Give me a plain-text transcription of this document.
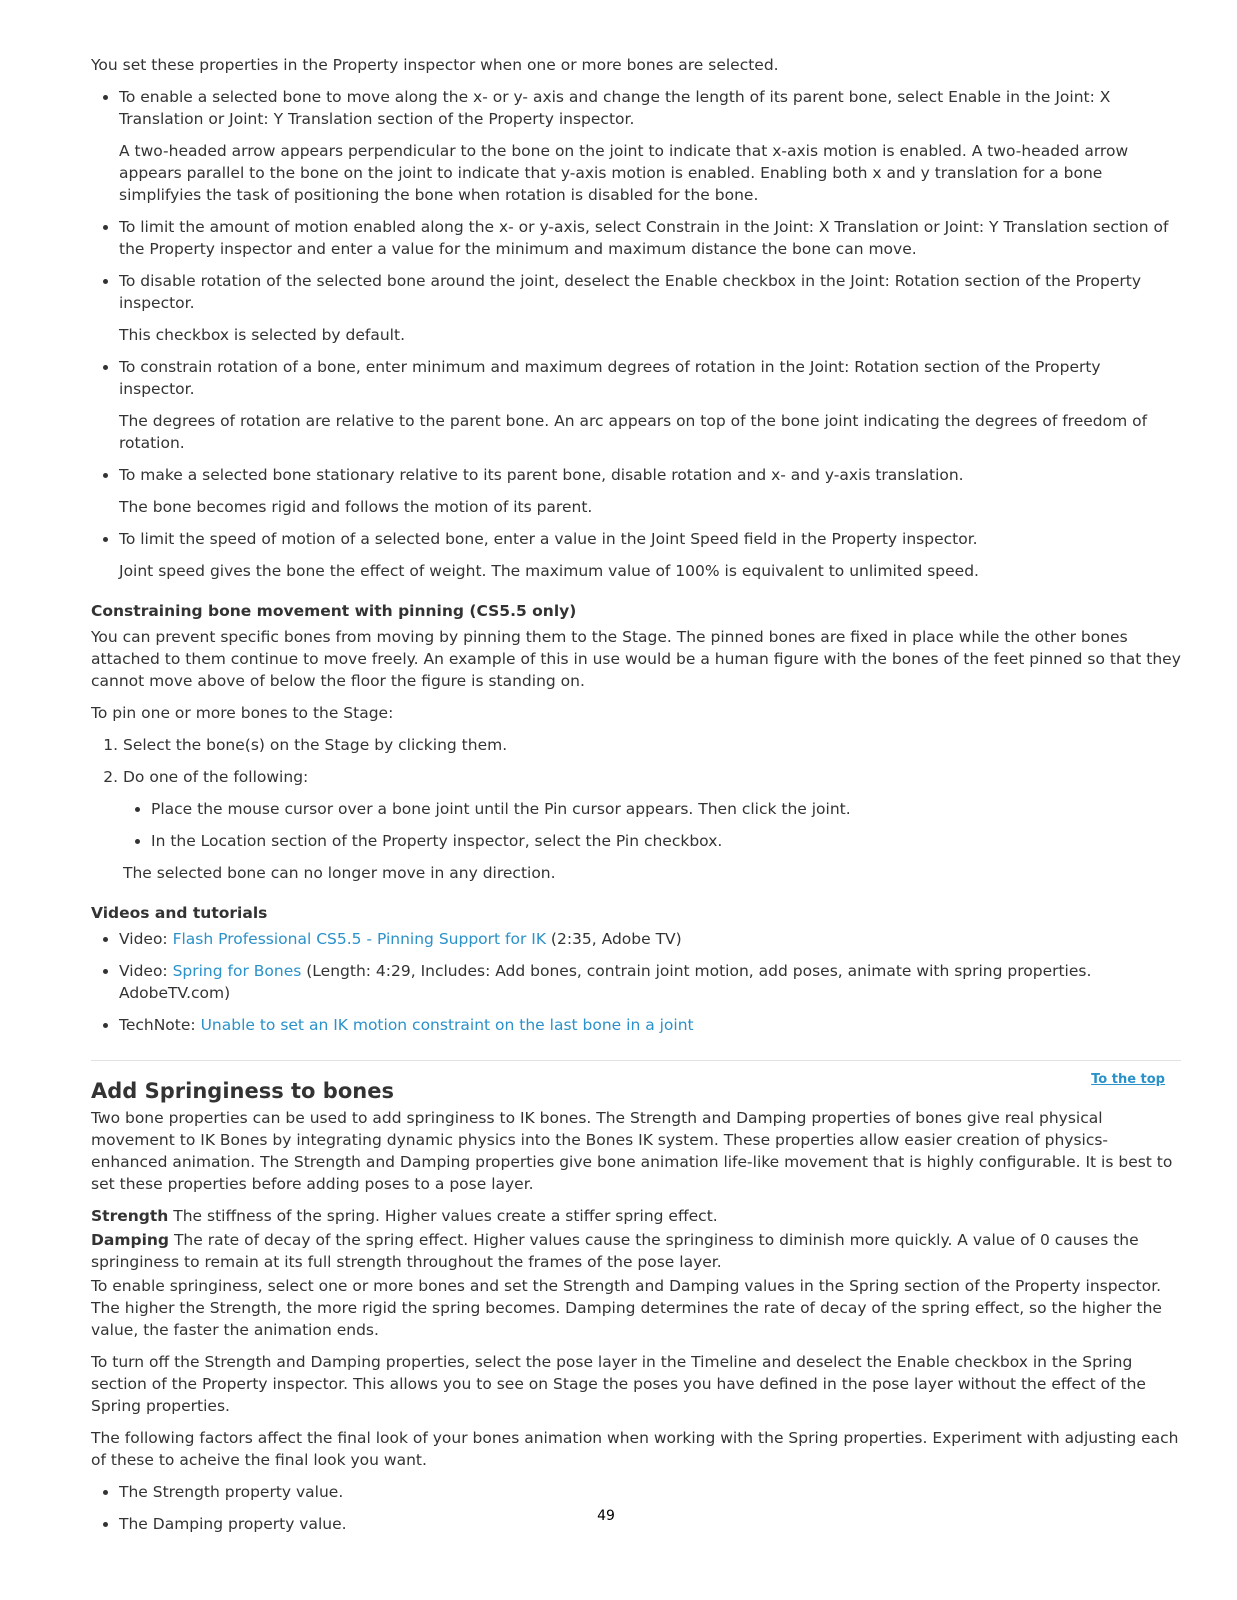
You set these properties in the Property inspector when one or more bones are selected.

• To enable a selected bone to move along the x- or y- axis and change the length of its parent bone, select Enable in the Joint: X Translation or Joint: Y Translation section of the Property inspector.

A two-headed arrow appears perpendicular to the bone on the joint to indicate that x-axis motion is enabled. A two-headed arrow appears parallel to the bone on the joint to indicate that y-axis motion is enabled. Enabling both x and y translation for a bone simplifyies the task of positioning the bone when rotation is disabled for the bone.

• To limit the amount of motion enabled along the x- or y-axis, select Constrain in the Joint: X Translation or Joint: Y Translation section of the Property inspector and enter a value for the minimum and maximum distance the bone can move.
• To disable rotation of the selected bone around the joint, deselect the Enable checkbox in the Joint: Rotation section of the Property inspector.

This checkbox is selected by default.

• To constrain rotation of a bone, enter minimum and maximum degrees of rotation in the Joint: Rotation section of the Property inspector.

The degrees of rotation are relative to the parent bone. An arc appears on top of the bone joint indicating the degrees of freedom of rotation.

• To make a selected bone stationary relative to its parent bone, disable rotation and x- and y-axis translation.

The bone becomes rigid and follows the motion of its parent.

• To limit the speed of motion of a selected bone, enter a value in the Joint Speed field in the Property inspector.

Joint speed gives the bone the effect of weight. The maximum value of 100% is equivalent to unlimited speed.

Constraining bone movement with pinning (CS5.5 only)

You can prevent specific bones from moving by pinning them to the Stage. The pinned bones are fixed in place while the other bones attached to them continue to move freely. An example of this in use would be a human figure with the bones of the feet pinned so that they cannot move above of below the floor the figure is standing on.

To pin one or more bones to the Stage:

1. Select the bone(s) on the Stage by clicking them.
2. Do one of the following:
• Place the mouse cursor over a bone joint until the Pin cursor appears. Then click the joint.
• In the Location section of the Property inspector, select the Pin checkbox.

The selected bone can no longer move in any direction.

Videos and tutorials
• Video: Flash Professional CS5.5 - Pinning Support for IK (2:35, Adobe TV)
• Video: Spring for Bones (Length: 4:29, Includes: Add bones, contrain joint motion, add poses, animate with spring properties. AdobeTV.com)
• TechNote: Unable to set an IK motion constraint on the last bone in a joint
To the top
Add Springiness to bones

Two bone properties can be used to add springiness to IK bones. The Strength and Damping properties of bones give real physical movement to IK Bones by integrating dynamic physics into the Bones IK system. These properties allow easier creation of physics-enhanced animation. The Strength and Damping properties give bone animation life-like movement that is highly configurable. It is best to set these properties before adding poses to a pose layer.

Strength The stiffness of the spring. Higher values create a stiffer spring effect.

Damping The rate of decay of the spring effect. Higher values cause the springiness to diminish more quickly. A value of 0 causes the springiness to remain at its full strength throughout the frames of the pose layer.

To enable springiness, select one or more bones and set the Strength and Damping values in the Spring section of the Property inspector. The higher the Strength, the more rigid the spring becomes. Damping determines the rate of decay of the spring effect, so the higher the value, the faster the animation ends.

To turn off the Strength and Damping properties, select the pose layer in the Timeline and deselect the Enable checkbox in the Spring section of the Property inspector. This allows you to see on Stage the poses you have defined in the pose layer without the effect of the Spring properties.

The following factors affect the final look of your bones animation when working with the Spring properties. Experiment with adjusting each of these to acheive the final look you want.

• The Strength property value.
• The Damping property value.	49
